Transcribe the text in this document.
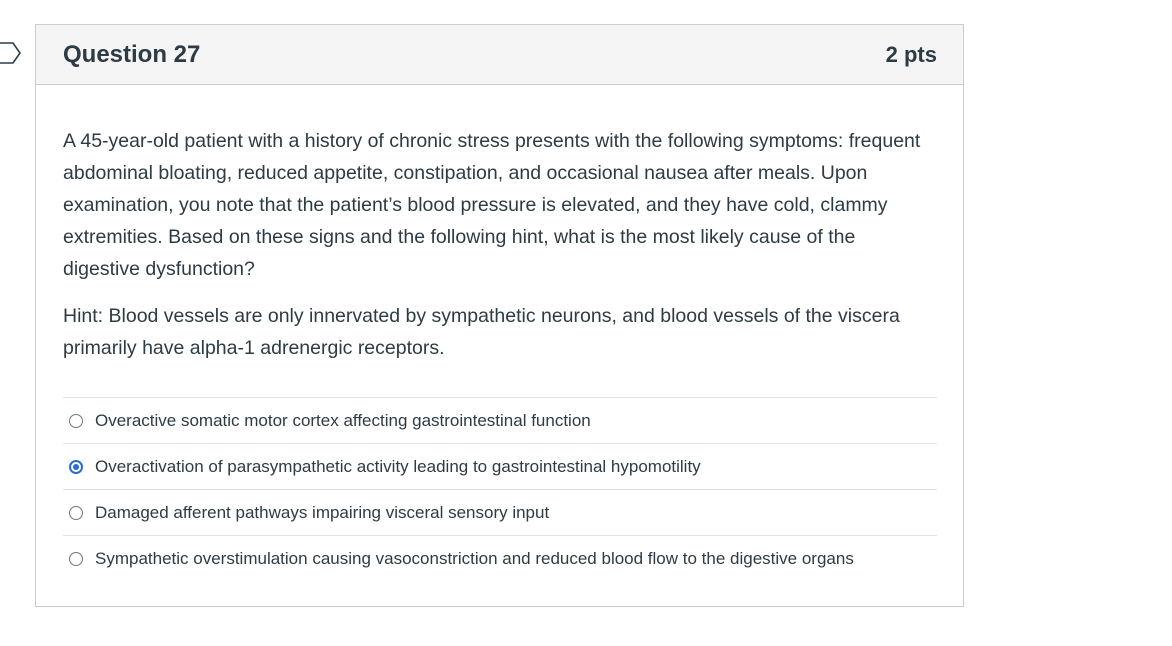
Question 27	2 pts

A 45-year-old patient with a history of chronic stress presents with the following symptoms: frequent abdominal bloating, reduced appetite, constipation, and occasional nausea after meals. Upon examination, you note that the patient’s blood pressure is elevated, and they have cold, clammy extremities. Based on these signs and the following hint, what is the most likely cause of the digestive dysfunction?

Hint: Blood vessels are only innervated by sympathetic neurons, and blood vessels of the viscera primarily have alpha-1 adrenergic receptors.

Overactive somatic motor cortex affecting gastrointestinal function
Overactivation of parasympathetic activity leading to gastrointestinal hypomotility
Damaged afferent pathways impairing visceral sensory input
Sympathetic overstimulation causing vasoconstriction and reduced blood flow to the digestive organs
